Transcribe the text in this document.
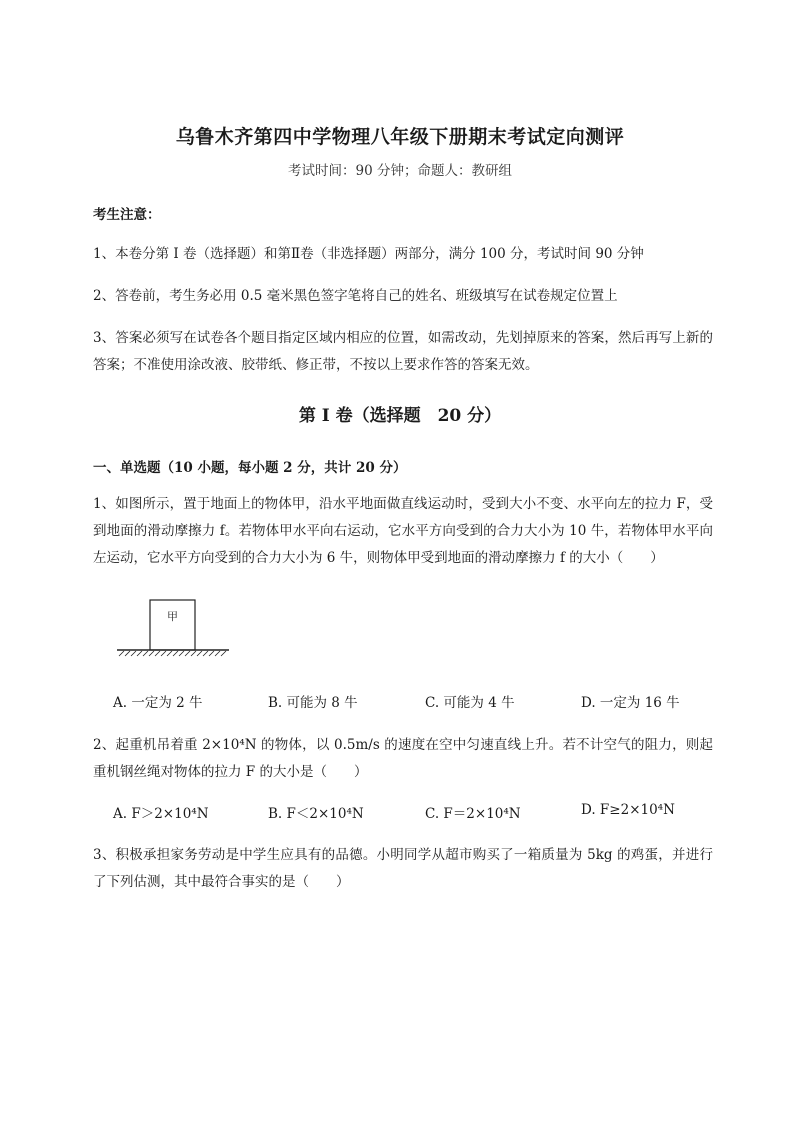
乌鲁木齐第四中学物理八年级下册期末考试定向测评
考试时间：90 分钟；命题人：教研组
考生注意：
1、本卷分第 I 卷（选择题）和第Ⅱ卷（非选择题）两部分，满分 100 分，考试时间 90 分钟
2、答卷前，考生务必用 0.5 毫米黑色签字笔将自己的姓名、班级填写在试卷规定位置上
3、答案必须写在试卷各个题目指定区域内相应的位置，如需改动，先划掉原来的答案，然后再写上新的答案；不准使用涂改液、胶带纸、修正带，不按以上要求作答的答案无效。
第 I 卷（选择题　20 分）
一、单选题（10 小题，每小题 2 分，共计 20 分）
1、如图所示，置于地面上的物体甲，沿水平地面做直线运动时，受到大小不变、水平向左的拉力 F，受到地面的滑动摩擦力 f。若物体甲水平向右运动，它水平方向受到的合力大小为 10 牛，若物体甲水平向左运动，它水平方向受到的合力大小为 6 牛，则物体甲受到地面的滑动摩擦力 f 的大小（　　）
甲
A. 一定为 2 牛	B. 可能为 8 牛	C. 可能为 4 牛	D. 一定为 16 牛
2、起重机吊着重 2×10⁴N 的物体，以 0.5m/s 的速度在空中匀速直线上升。若不计空气的阻力，则起重机钢丝绳对物体的拉力 F 的大小是（　　）
A. F＞2×10⁴N	B. F＜2×10⁴N	C. F＝2×10⁴N	D. F≥2×10⁴N
3、积极承担家务劳动是中学生应具有的品德。小明同学从超市购买了一箱质量为 5kg 的鸡蛋，并进行了下列估测，其中最符合事实的是（　　）
